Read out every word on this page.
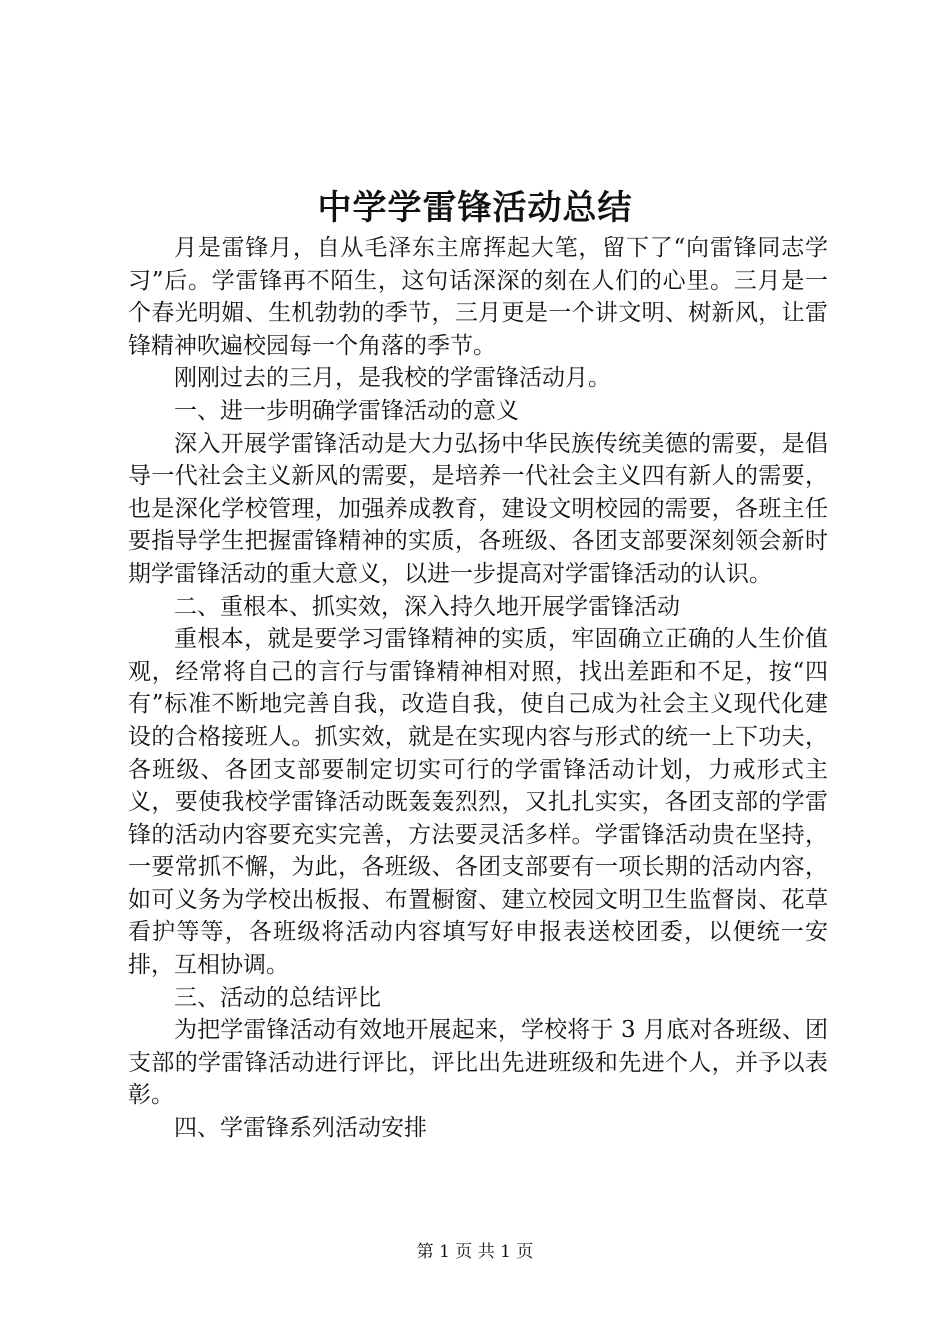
中学学雷锋活动总结

月是雷锋月，自从毛泽东主席挥起大笔，留下了“向雷锋同志学习”后。学雷锋再不陌生，这句话深深的刻在人们的心里。三月是一个春光明媚、生机勃勃的季节，三月更是一个讲文明、树新风，让雷锋精神吹遍校园每一个角落的季节。

刚刚过去的三月，是我校的学雷锋活动月。

一、进一步明确学雷锋活动的意义

深入开展学雷锋活动是大力弘扬中华民族传统美德的需要，是倡导一代社会主义新风的需要，是培养一代社会主义四有新人的需要，也是深化学校管理，加强养成教育，建设文明校园的需要，各班主任要指导学生把握雷锋精神的实质，各班级、各团支部要深刻领会新时期学雷锋活动的重大意义，以进一步提高对学雷锋活动的认识。

二、重根本、抓实效，深入持久地开展学雷锋活动

重根本，就是要学习雷锋精神的实质，牢固确立正确的人生价值观，经常将自己的言行与雷锋精神相对照，找出差距和不足，按“四有”标准不断地完善自我，改造自我，使自己成为社会主义现代化建设的合格接班人。抓实效，就是在实现内容与形式的统一上下功夫，各班级、各团支部要制定切实可行的学雷锋活动计划，力戒形式主义，要使我校学雷锋活动既轰轰烈烈，又扎扎实实，各团支部的学雷锋的活动内容要充实完善，方法要灵活多样。学雷锋活动贵在坚持，一要常抓不懈，为此，各班级、各团支部要有一项长期的活动内容，如可义务为学校出板报、布置橱窗、建立校园文明卫生监督岗、花草看护等等，各班级将活动内容填写好申报表送校团委，以便统一安排，互相协调。

三、活动的总结评比

为把学雷锋活动有效地开展起来，学校将于 3 月底对各班级、团支部的学雷锋活动进行评比，评比出先进班级和先进个人，并予以表彰。

四、学雷锋系列活动安排

第 1 页 共 1 页
